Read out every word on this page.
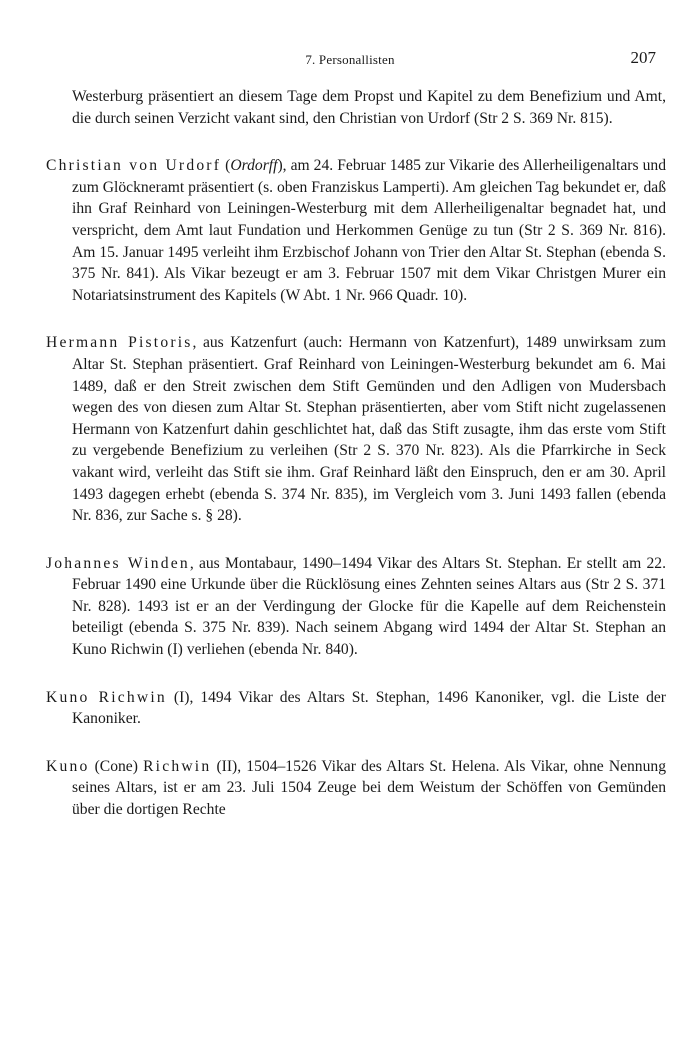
7. Personallisten	207

Westerburg präsentiert an diesem Tage dem Propst und Kapitel zu dem Benefizium und Amt, die durch seinen Verzicht vakant sind, den Christian von Urdorf (Str 2 S. 369 Nr. 815).

Christian von Urdorf (Ordorff), am 24. Februar 1485 zur Vikarie des Allerheiligenaltars und zum Glöckneramt präsentiert (s. oben Franziskus Lamperti). Am gleichen Tag bekundet er, daß ihn Graf Reinhard von Leiningen-Westerburg mit dem Allerheiligenaltar begnadet hat, und verspricht, dem Amt laut Fundation und Herkommen Genüge zu tun (Str 2 S. 369 Nr. 816). Am 15. Januar 1495 verleiht ihm Erzbischof Johann von Trier den Altar St. Stephan (ebenda S. 375 Nr. 841). Als Vikar bezeugt er am 3. Februar 1507 mit dem Vikar Christgen Murer ein Notariatsinstrument des Kapitels (W Abt. 1 Nr. 966 Quadr. 10).

Hermann Pistoris, aus Katzenfurt (auch: Hermann von Katzenfurt), 1489 unwirksam zum Altar St. Stephan präsentiert. Graf Reinhard von Leiningen-Westerburg bekundet am 6. Mai 1489, daß er den Streit zwischen dem Stift Gemünden und den Adligen von Mudersbach wegen des von diesen zum Altar St. Stephan präsentierten, aber vom Stift nicht zugelassenen Hermann von Katzenfurt dahin geschlichtet hat, daß das Stift zusagte, ihm das erste vom Stift zu vergebende Benefizium zu verleihen (Str 2 S. 370 Nr. 823). Als die Pfarrkirche in Seck vakant wird, verleiht das Stift sie ihm. Graf Reinhard läßt den Einspruch, den er am 30. April 1493 dagegen erhebt (ebenda S. 374 Nr. 835), im Vergleich vom 3. Juni 1493 fallen (ebenda Nr. 836, zur Sache s. § 28).

Johannes Winden, aus Montabaur, 1490–1494 Vikar des Altars St. Stephan. Er stellt am 22. Februar 1490 eine Urkunde über die Rücklösung eines Zehnten seines Altars aus (Str 2 S. 371 Nr. 828). 1493 ist er an der Verdingung der Glocke für die Kapelle auf dem Reichenstein beteiligt (ebenda S. 375 Nr. 839). Nach seinem Abgang wird 1494 der Altar St. Stephan an Kuno Richwin (I) verliehen (ebenda Nr. 840).

Kuno Richwin (I), 1494 Vikar des Altars St. Stephan, 1496 Kanoniker, vgl. die Liste der Kanoniker.

Kuno (Cone) Richwin (II), 1504–1526 Vikar des Altars St. Helena. Als Vikar, ohne Nennung seines Altars, ist er am 23. Juli 1504 Zeuge bei dem Weistum der Schöffen von Gemünden über die dortigen Rechte
